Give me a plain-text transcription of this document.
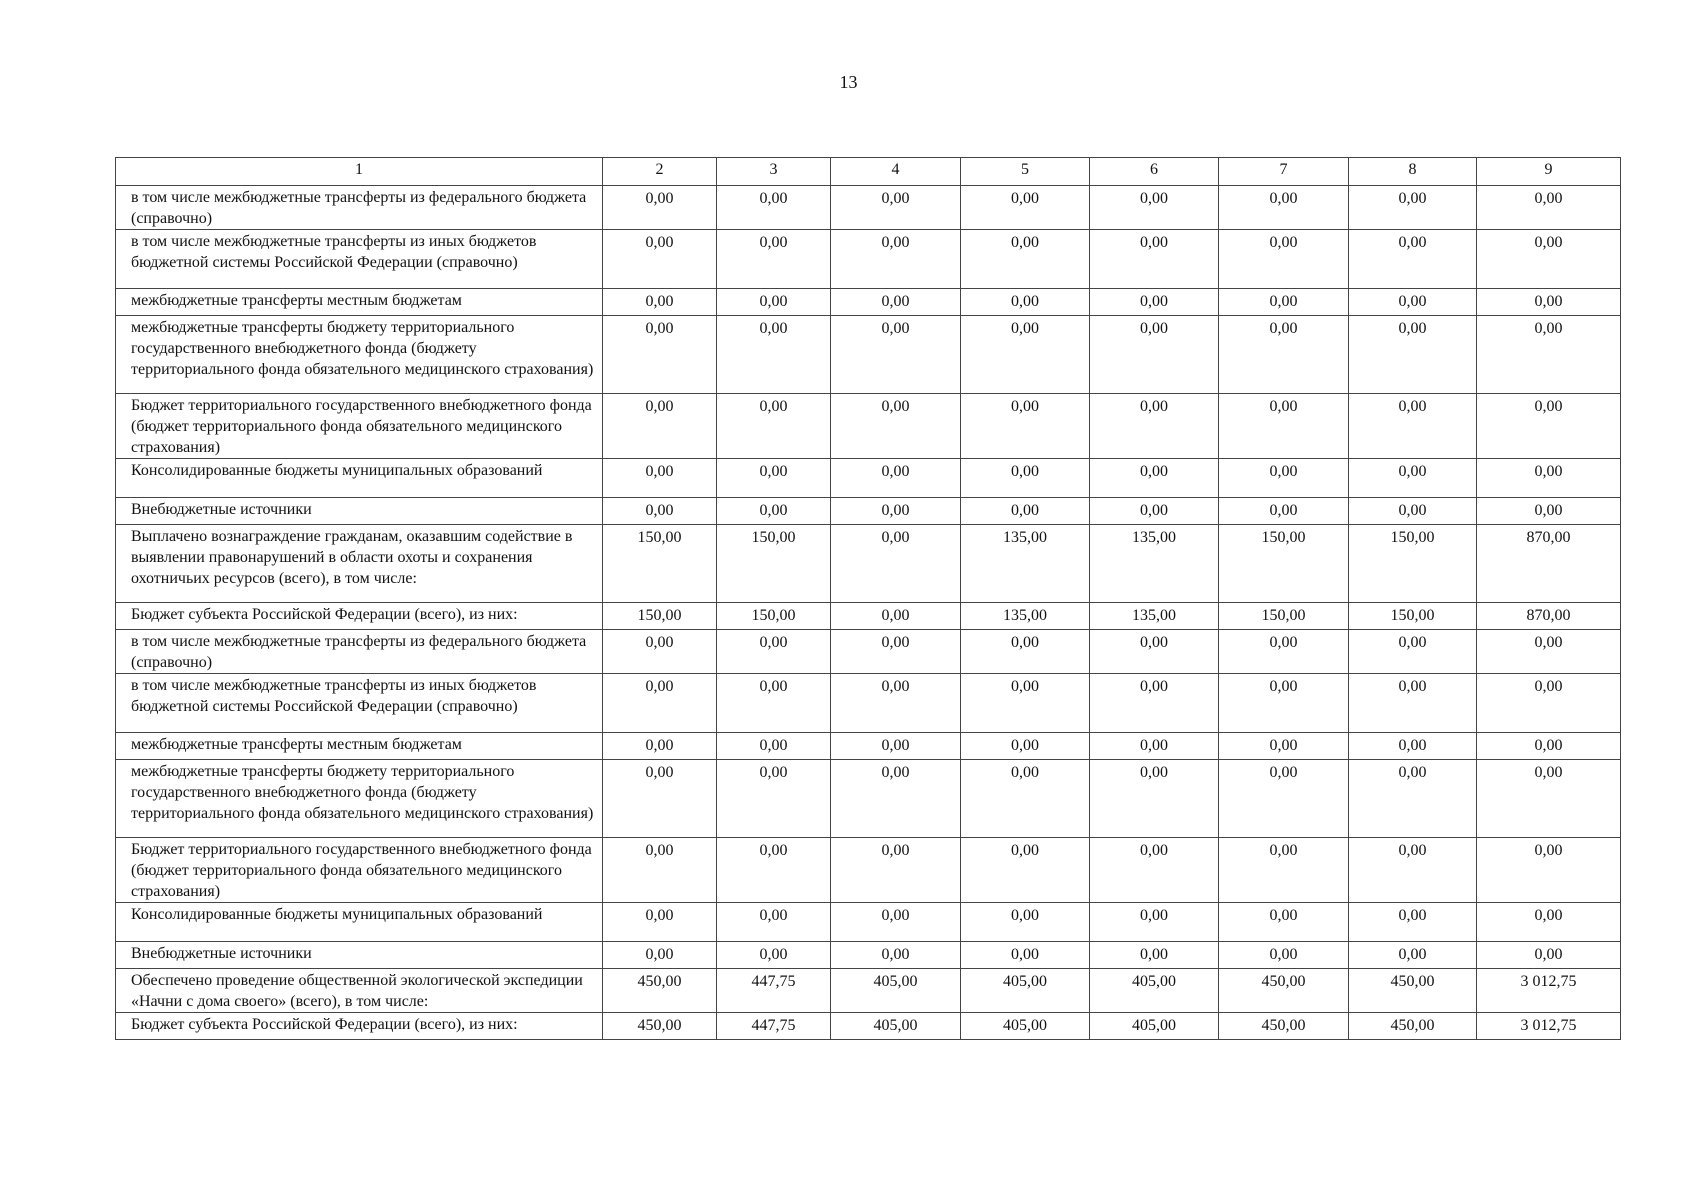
13
1	2	3	4	5	6	7	8	9
в том числе межбюджетные трансферты из федерального бюджета (справочно)	0,00	0,00	0,00	0,00	0,00	0,00	0,00	0,00
в том числе межбюджетные трансферты из иных бюджетов бюджетной системы Российской Федерации (справочно)	0,00	0,00	0,00	0,00	0,00	0,00	0,00	0,00
межбюджетные трансферты местным бюджетам	0,00	0,00	0,00	0,00	0,00	0,00	0,00	0,00
межбюджетные трансферты бюджету территориального государственного внебюджетного фонда (бюджету территориального фонда обязательного медицинского страхования)	0,00	0,00	0,00	0,00	0,00	0,00	0,00	0,00
Бюджет территориального государственного внебюджетного фонда (бюджет территориального фонда обязательного медицинского страхования)	0,00	0,00	0,00	0,00	0,00	0,00	0,00	0,00
Консолидированные бюджеты муниципальных образований	0,00	0,00	0,00	0,00	0,00	0,00	0,00	0,00
Внебюджетные источники	0,00	0,00	0,00	0,00	0,00	0,00	0,00	0,00
Выплачено вознаграждение гражданам, оказавшим содействие в выявлении правонарушений в области охоты и сохранения охотничьих ресурсов (всего), в том числе:	150,00	150,00	0,00	135,00	135,00	150,00	150,00	870,00
Бюджет субъекта Российской Федерации (всего), из них:	150,00	150,00	0,00	135,00	135,00	150,00	150,00	870,00
в том числе межбюджетные трансферты из федерального бюджета (справочно)	0,00	0,00	0,00	0,00	0,00	0,00	0,00	0,00
в том числе межбюджетные трансферты из иных бюджетов бюджетной системы Российской Федерации (справочно)	0,00	0,00	0,00	0,00	0,00	0,00	0,00	0,00
межбюджетные трансферты местным бюджетам	0,00	0,00	0,00	0,00	0,00	0,00	0,00	0,00
межбюджетные трансферты бюджету территориального государственного внебюджетного фонда (бюджету территориального фонда обязательного медицинского страхования)	0,00	0,00	0,00	0,00	0,00	0,00	0,00	0,00
Бюджет территориального государственного внебюджетного фонда (бюджет территориального фонда обязательного медицинского страхования)	0,00	0,00	0,00	0,00	0,00	0,00	0,00	0,00
Консолидированные бюджеты муниципальных образований	0,00	0,00	0,00	0,00	0,00	0,00	0,00	0,00
Внебюджетные источники	0,00	0,00	0,00	0,00	0,00	0,00	0,00	0,00
Обеспечено проведение общественной экологической экспедиции «Начни с дома своего» (всего), в том числе:	450,00	447,75	405,00	405,00	405,00	450,00	450,00	3 012,75
Бюджет субъекта Российской Федерации (всего), из них:	450,00	447,75	405,00	405,00	405,00	450,00	450,00	3 012,75
